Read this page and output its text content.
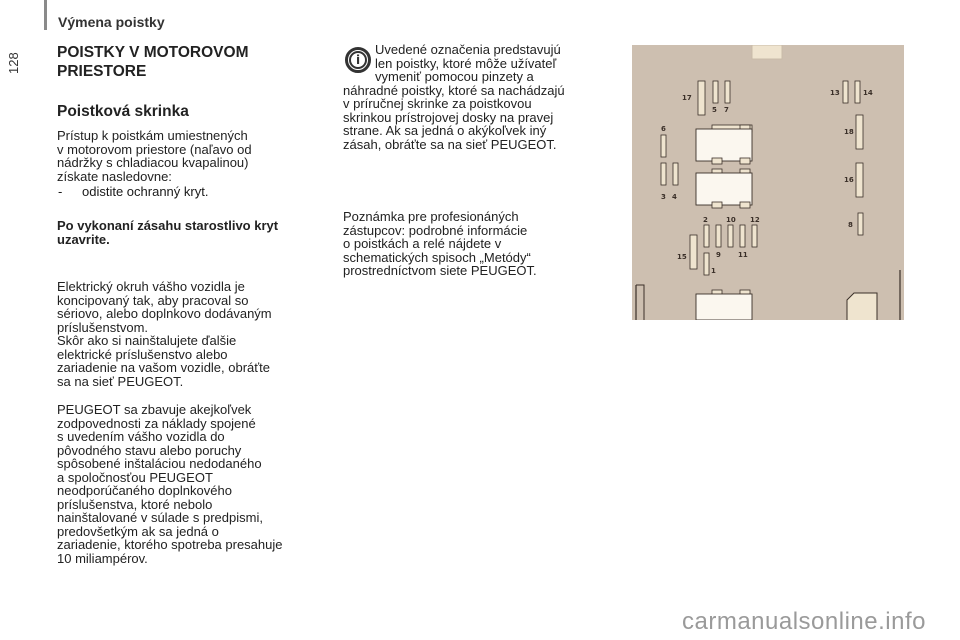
Výmena poistky
128 POISTKY V MOTOROVOM PRIESTORE
Poistková skrinka
Prístup k poistkám umiestnených
v motorovom priestore (naľavo od
nádržky s chladiacou kvapalinou)
získate nasledovne:
- odistite ochranný kryt.
Po vykonaní zásahu starostlivo kryt
uzavrite.
Elektrický okruh vášho vozidla je
koncipovaný tak, aby pracoval so
sériovo, alebo doplnkovo dodávaným
príslušenstvom.
Skôr ako si nainštalujete ďalšie
elektrické príslušenstvo alebo
zariadenie na vašom vozidle, obráťte
sa na sieť PEUGEOT.
PEUGEOT sa zbavuje akejkoľvek
zodpovednosti za náklady spojené
s uvedením vášho vozidla do
pôvodného stavu alebo poruchy
spôsobené inštaláciou nedodaného
a spoločnosťou PEUGEOT
neodporúčaného doplnkového
príslušenstva, ktoré nebolo
nainštalované v súlade s predpismi,
predovšetkým ak sa jedná o
zariadenie, ktorého spotreba presahuje
10 miliampérov.
i
Uvedené označenia predstavujú
len poistky, ktoré môže užívateľ
vymeniť pomocou pinzety a
náhradné poistky, ktoré sa nachádzajú
v príručnej skrinke za poistkovou
skrinkou prístrojovej dosky na pravej
strane. Ak sa jedná o akýkoľvek iný
zásah, obráťte sa na sieť PEUGEOT.
Poznámka pre profesionáných
zástupcov: podrobné informácie
o poistkách a relé nájdete v
schematických spisoch „Metódy“
prostredníctvom siete PEUGEOT.
17
5 7
13	14
6
3 4
18
16
8
2	10 12
9 11
15
1
carmanualsonline.info
